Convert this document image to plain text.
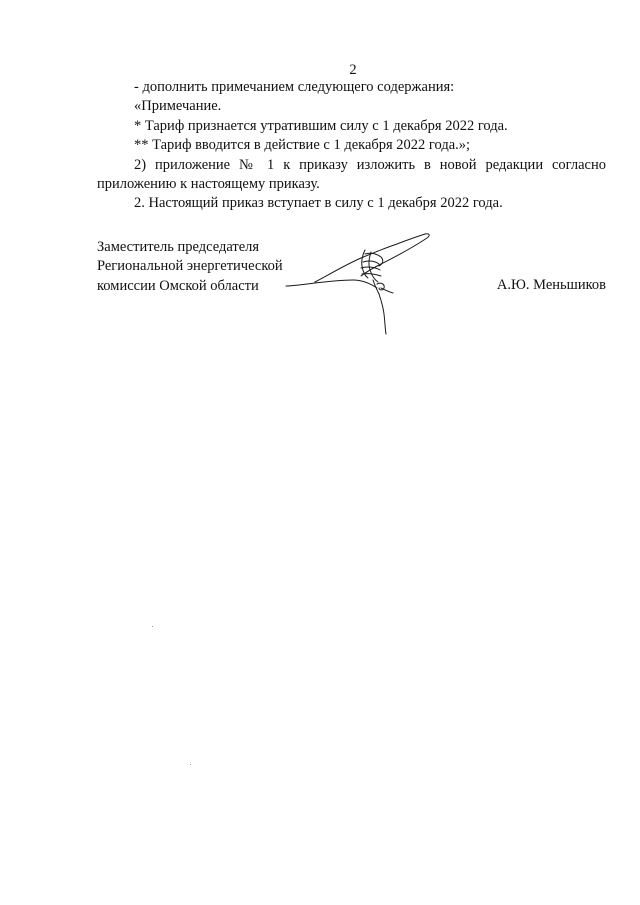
2

- дополнить примечанием следующего содержания:

«Примечание.

* Тариф признается утратившим силу с 1 декабря 2022 года.

** Тариф вводится в действие с 1 декабря 2022 года.»;

2) приложение № 1 к приказу изложить в новой редакции согласно приложению к настоящему приказу.

2. Настоящий приказ вступает в силу с 1 декабря 2022 года.

Заместитель председателя
Региональной энергетической
комиссии Омской области	А.Ю. Меньшиков
